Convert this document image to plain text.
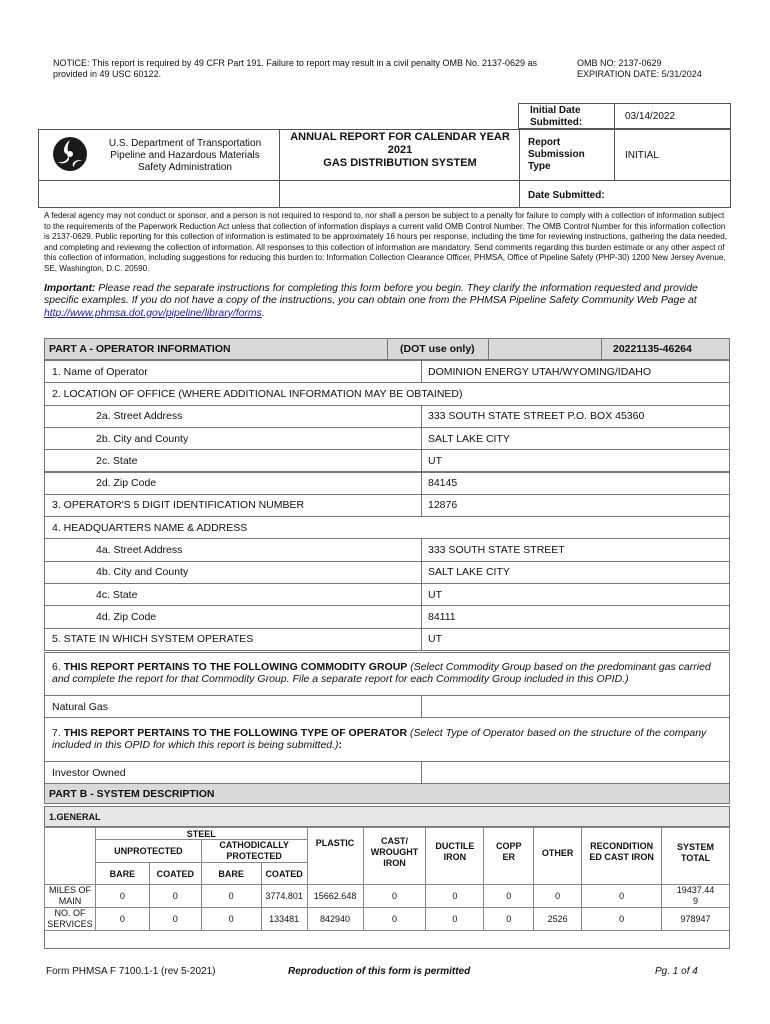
NOTICE: This report is required by 49 CFR Part 191. Failure to report may result in a civil penalty OMB No. 2137-0629 as provided in 49 USC 60122.
OMB NO: 2137-0629
EXPIRATION DATE: 5/31/2024
Initial Date Submitted:
03/14/2022
U.S. Department of Transportation
Pipeline and Hazardous Materials
Safety Administration
ANNUAL REPORT FOR CALENDAR YEAR
2021
GAS DISTRIBUTION SYSTEM
Report Submission Type
INITIAL
Date Submitted:
A federal agency may not conduct or sponsor, and a person is not required to respond to, nor shall a person be subject to a penalty for failure to comply with a collection of information subject to the requirements of the Paperwork Reduction Act unless that collection of information displays a current valid OMB Control Number. The OMB Control Number for this information collection is 2137-0629. Public reporting for this collection of information is estimated to be approximately 16 hours per response, including the time for reviewing instructions, gathering the data needed, and completing and reviewing the collection of information. All responses to this collection of information are mandatory. Send comments regarding this burden estimate or any other aspect of this collection of information, including suggestions for reducing this burden to: Information Collection Clearance Officer, PHMSA, Office of Pipeline Safety (PHP-30) 1200 New Jersey Avenue, SE, Washington, D.C. 20590.
Important: Please read the separate instructions for completing this form before you begin. They clarify the information requested and provide specific examples. If you do not have a copy of the instructions, you can obtain one from the PHMSA Pipeline Safety Community Web Page at http://www.phmsa.dot.gov/pipeline/library/forms.
PART A - OPERATOR INFORMATION	(DOT use only)	20221135-46264
1. Name of Operator	DOMINION ENERGY UTAH/WYOMING/IDAHO
2. LOCATION OF OFFICE (WHERE ADDITIONAL INFORMATION MAY BE OBTAINED)
2a. Street Address	333 SOUTH STATE STREET P.O. BOX 45360
2b. City and County	SALT LAKE CITY
2c. State	UT
2d. Zip Code	84145
3. OPERATOR'S 5 DIGIT IDENTIFICATION NUMBER	12876
4. HEADQUARTERS NAME & ADDRESS
4a. Street Address	333 SOUTH STATE STREET
4b. City and County	SALT LAKE CITY
4c. State	UT
4d. Zip Code	84111
5. STATE IN WHICH SYSTEM OPERATES	UT
6. THIS REPORT PERTAINS TO THE FOLLOWING COMMODITY GROUP (Select Commodity Group based on the predominant gas carried and complete the report for that Commodity Group. File a separate report for each Commodity Group included in this OPID.)
Natural Gas
7. THIS REPORT PERTAINS TO THE FOLLOWING TYPE OF OPERATOR (Select Type of Operator based on the structure of the company included in this OPID for which this report is being submitted.):
Investor Owned
PART B - SYSTEM DESCRIPTION
1.GENERAL
	STEEL				PLASTIC	CAST/ WROUGHT IRON	DUCTILE IRON	COPPER	OTHER	RECONDITIONED CAST IRON	SYSTEM TOTAL

	UNPROTECTED		CATHODICALLY PROTECTED								

	BARE	COATED	BARE	COATED							

MILES OF MAIN	0	0	0	3774.801	15662.648	0	0	0	0	0	19437.449

NO. OF SERVICES	0	0	0	133481	842940	0	0	0	2526	0	978947
Form PHMSA F 7100.1-1 (rev 5-2021)	Reproduction of this form is permitted	Pg. 1 of 4
